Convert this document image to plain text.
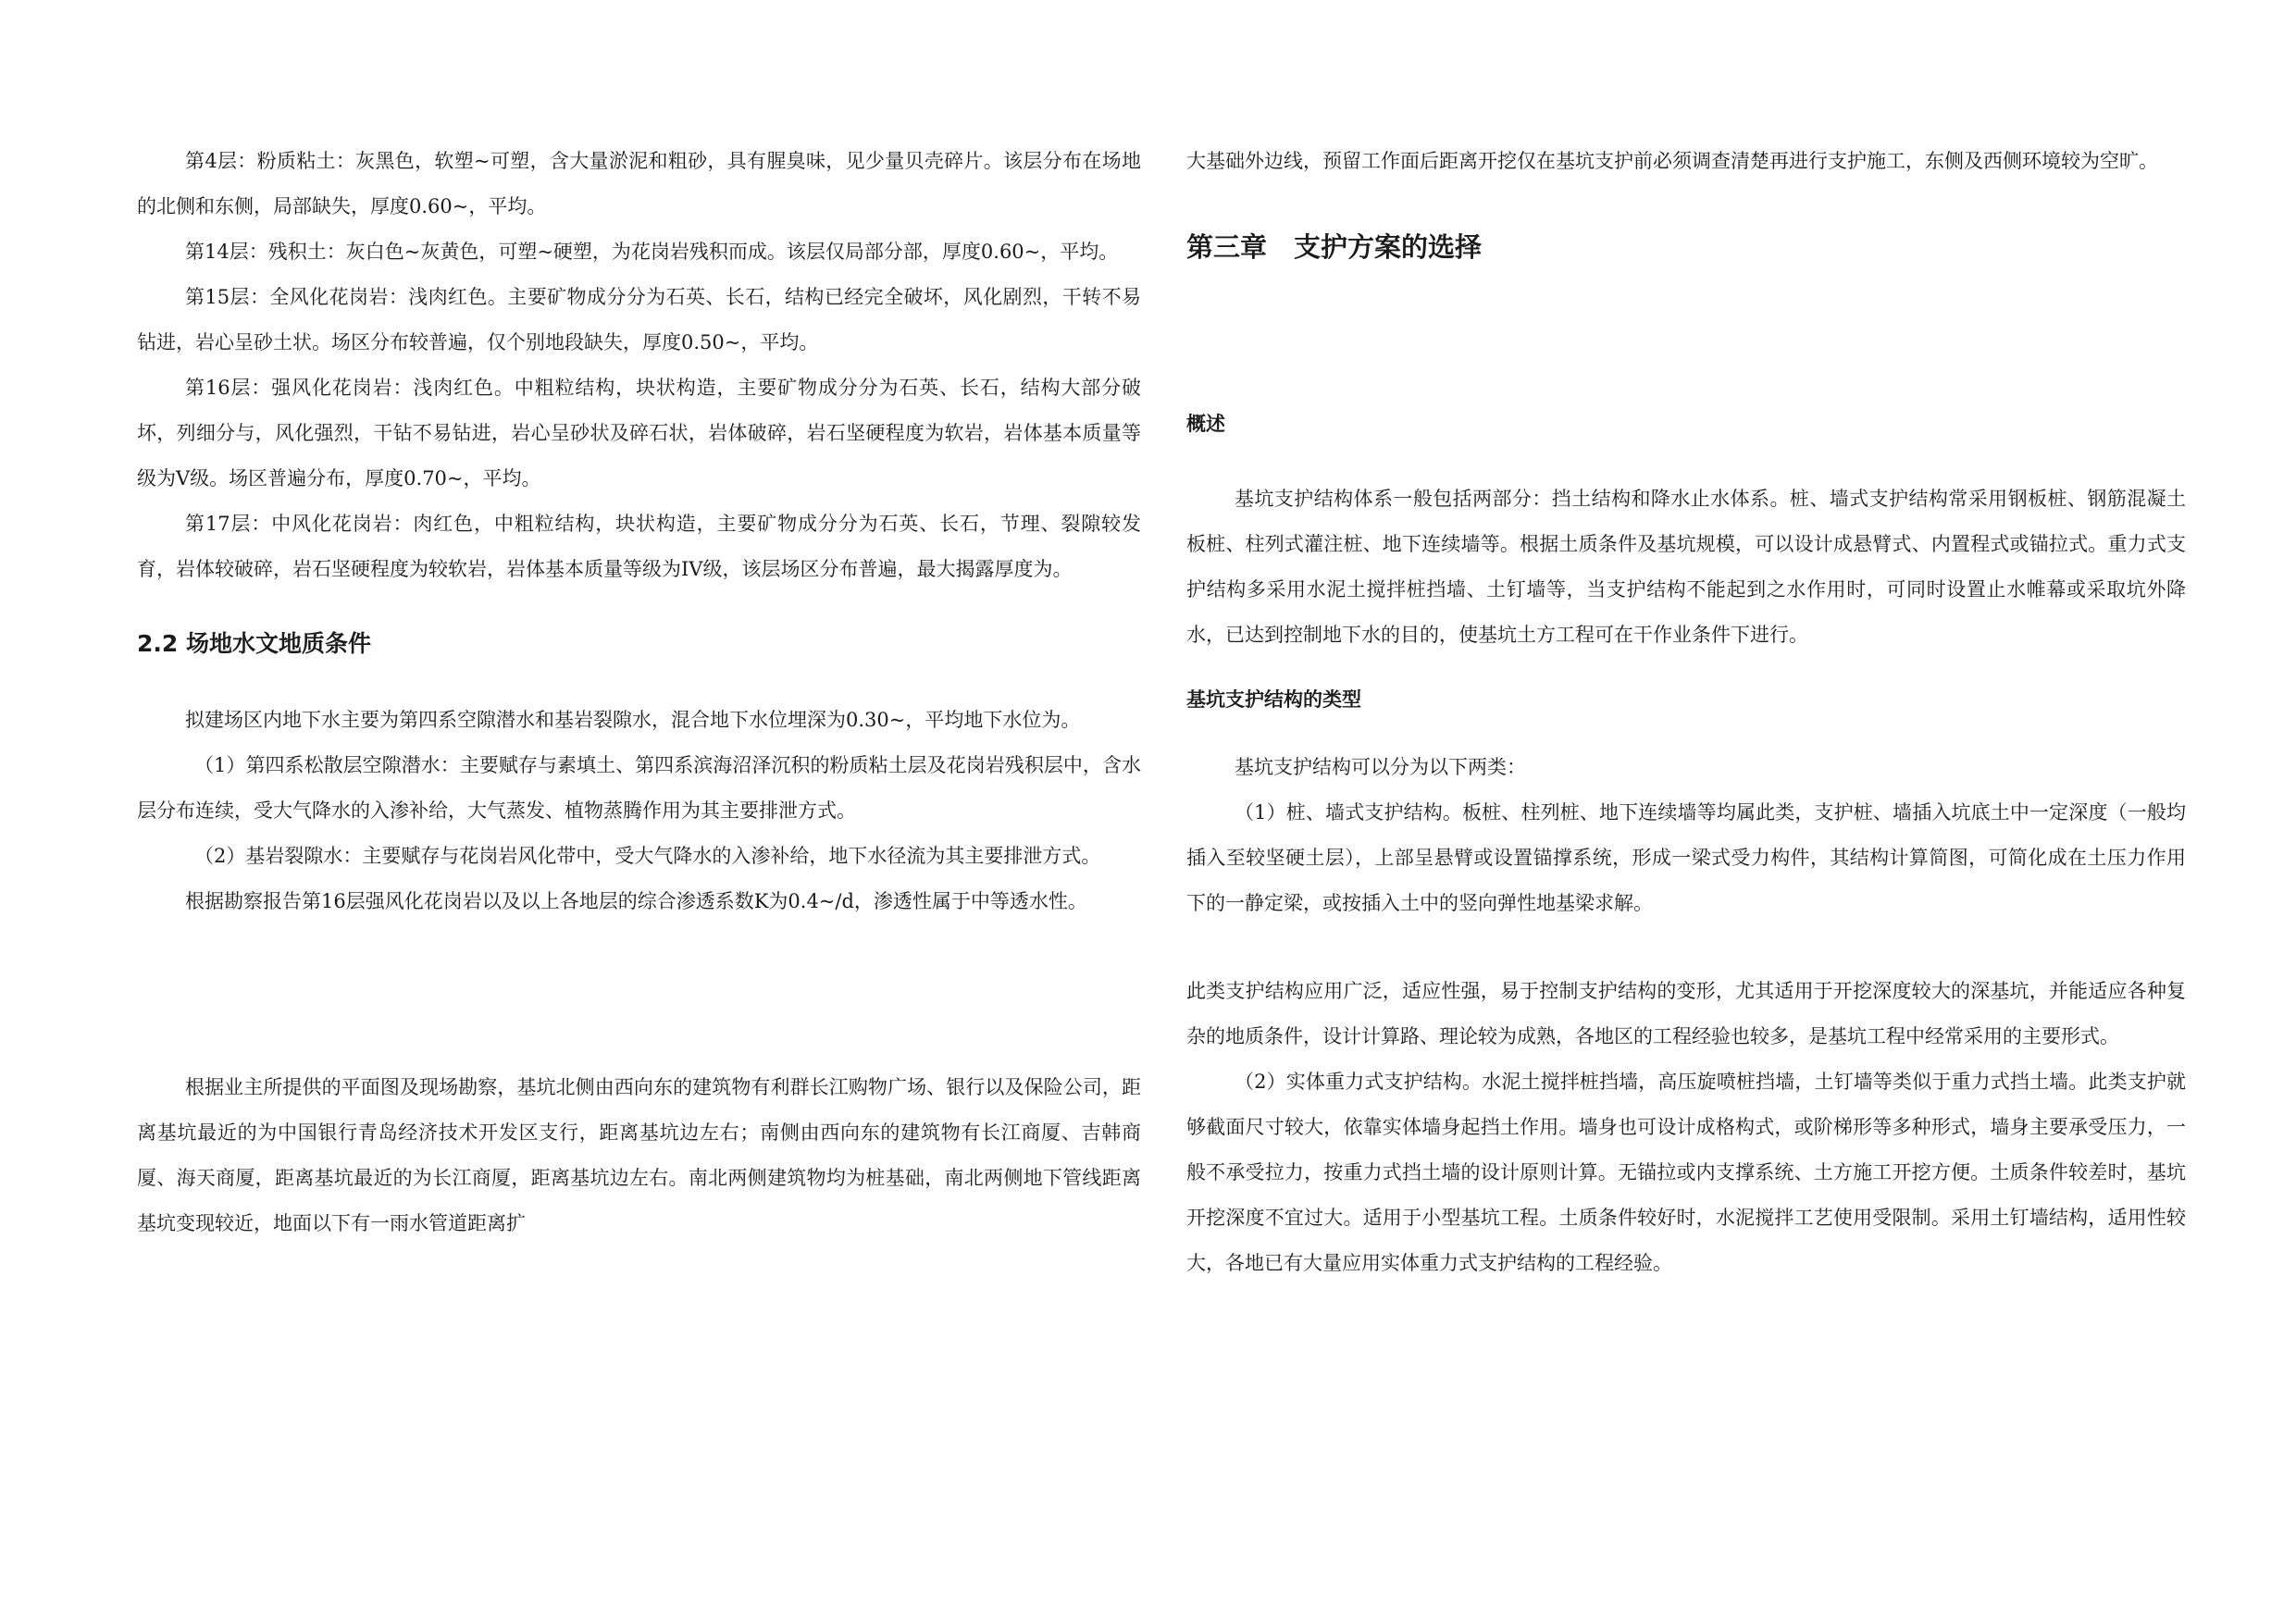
第4层：粉质粘土：灰黑色，软塑~可塑，含大量淤泥和粗砂，具有腥臭味，见少量贝壳碎片。该层分布在场地的北侧和东侧，局部缺失，厚度0.60~，平均。

第14层：残积土：灰白色~灰黄色，可塑~硬塑，为花岗岩残积而成。该层仅局部分部，厚度0.60~，平均。

第15层：全风化花岗岩：浅肉红色。主要矿物成分分为石英、长石，结构已经完全破坏，风化剧烈，干转不易钻进，岩心呈砂土状。场区分布较普遍，仅个别地段缺失，厚度0.50~，平均。

第16层：强风化花岗岩：浅肉红色。中粗粒结构，块状构造，主要矿物成分分为石英、长石，结构大部分破坏，列细分与，风化强烈，干钻不易钻进，岩心呈砂状及碎石状，岩体破碎，岩石坚硬程度为软岩，岩体基本质量等级为V级。场区普遍分布，厚度0.70~，平均。

第17层：中风化花岗岩：肉红色，中粗粒结构，块状构造，主要矿物成分分为石英、长石，节理、裂隙较发育，岩体较破碎，岩石坚硬程度为较软岩，岩体基本质量等级为IV级，该层场区分布普遍，最大揭露厚度为。

2.2 场地水文地质条件

拟建场区内地下水主要为第四系空隙潜水和基岩裂隙水，混合地下水位埋深为0.30~，平均地下水位为。

（1）第四系松散层空隙潜水：主要赋存与素填土、第四系滨海沼泽沉积的粉质粘土层及花岗岩残积层中，含水层分布连续，受大气降水的入渗补给，大气蒸发、植物蒸腾作用为其主要排泄方式。

（2）基岩裂隙水：主要赋存与花岗岩风化带中，受大气降水的入渗补给，地下水径流为其主要排泄方式。

根据勘察报告第16层强风化花岗岩以及以上各地层的综合渗透系数K为0.4~/d，渗透性属于中等透水性。

根据业主所提供的平面图及现场勘察，基坑北侧由西向东的建筑物有利群长江购物广场、银行以及保险公司，距离基坑最近的为中国银行青岛经济技术开发区支行，距离基坑边左右；南侧由西向东的建筑物有长江商厦、吉韩商厦、海天商厦，距离基坑最近的为长江商厦，距离基坑边左右。南北两侧建筑物均为桩基础，南北两侧地下管线距离基坑变现较近，地面以下有一雨水管道距离扩

大基础外边线，预留工作面后距离开挖仅在基坑支护前必须调查清楚再进行支护施工，东侧及西侧环境较为空旷。

第三章　支护方案的选择
概述

基坑支护结构体系一般包括两部分：挡土结构和降水止水体系。桩、墙式支护结构常采用钢板桩、钢筋混凝土板桩、柱列式灌注桩、地下连续墙等。根据土质条件及基坑规模，可以设计成悬臂式、内置程式或锚拉式。重力式支护结构多采用水泥土搅拌桩挡墙、土钉墙等，当支护结构不能起到之水作用时，可同时设置止水帷幕或采取坑外降水，已达到控制地下水的目的，使基坑土方工程可在干作业条件下进行。

基坑支护结构的类型

基坑支护结构可以分为以下两类：

（1）桩、墙式支护结构。板桩、柱列桩、地下连续墙等均属此类，支护桩、墙插入坑底土中一定深度（一般均插入至较坚硬土层），上部呈悬臂或设置锚撑系统，形成一梁式受力构件，其结构计算简图，可简化成在土压力作用下的一静定梁，或按插入土中的竖向弹性地基梁求解。

此类支护结构应用广泛，适应性强，易于控制支护结构的变形，尤其适用于开挖深度较大的深基坑，并能适应各种复杂的地质条件，设计计算路、理论较为成熟，各地区的工程经验也较多，是基坑工程中经常采用的主要形式。

（2）实体重力式支护结构。水泥土搅拌桩挡墙，高压旋喷桩挡墙，土钉墙等类似于重力式挡土墙。此类支护就够截面尺寸较大，依靠实体墙身起挡土作用。墙身也可设计成格构式，或阶梯形等多种形式，墙身主要承受压力，一般不承受拉力，按重力式挡土墙的设计原则计算。无锚拉或内支撑系统、土方施工开挖方便。土质条件较差时，基坑开挖深度不宜过大。适用于小型基坑工程。土质条件较好时，水泥搅拌工艺使用受限制。采用土钉墙结构，适用性较大，各地已有大量应用实体重力式支护结构的工程经验。
